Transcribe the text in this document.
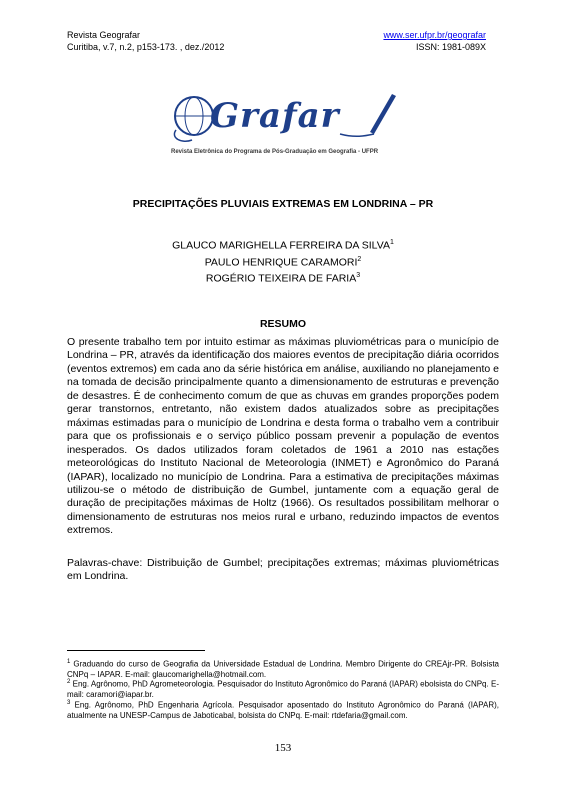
Revista Geografar
Curitiba, v.7, n.2, p153-173. , dez./2012
www.ser.ufpr.br/geografar
ISSN: 1981-089X
Grafar
Revista Eletrônica do Programa de Pós-Graduação em Geografia - UFPR
PRECIPITAÇÕES PLUVIAIS EXTREMAS EM LONDRINA – PR
GLAUCO MARIGHELLA FERREIRA DA SILVA$^1$
PAULO HENRIQUE CARAMORI$^2$
ROGÉRIO TEIXEIRA DE FARIA$^3$
RESUMO

O presente trabalho tem por intuito estimar as máximas pluviométricas para o município de Londrina – PR, através da identificação dos maiores eventos de precipitação diária ocorridos (eventos extremos) em cada ano da série histórica em análise, auxiliando no planejamento e na tomada de decisão principalmente quanto a dimensionamento de estruturas e prevenção de desastres. É de conhecimento comum de que as chuvas em grandes proporções podem gerar transtornos, entretanto, não existem dados atualizados sobre as precipitações máximas estimadas para o município de Londrina e desta forma o trabalho vem a contribuir para que os profissionais e o serviço público possam prevenir a população de eventos inesperados. Os dados utilizados foram coletados de 1961 a 2010 nas estações meteorológicas do Instituto Nacional de Meteorologia (INMET) e Agronômico do Paraná (IAPAR), localizado no município de Londrina. Para a estimativa de precipitações máximas utilizou-se o método de distribuição de Gumbel, juntamente com a equação geral de duração de precipitações máximas de Holtz (1966). Os resultados possibilitam melhorar o dimensionamento de estruturas nos meios rural e urbano, reduzindo impactos de eventos extremos.

Palavras-chave: Distribuição de Gumbel; precipitações extremas; máximas pluviométricas em Londrina.

$^1$ Graduando do curso de Geografia da Universidade Estadual de Londrina. Membro Dirigente do CREAjr-PR. Bolsista CNPq – IAPAR. E-mail: glaucomarighella@hotmail.com.

$^2$ Eng. Agrônomo, PhD Agrometeorologia. Pesquisador do Instituto Agronômico do Paraná (IAPAR) ebolsista do CNPq. E-mail: caramori@iapar.br.

$^3$ Eng. Agrônomo, PhD Engenharia Agrícola. Pesquisador aposentado do Instituto Agronômico do Paraná (IAPAR), atualmente na UNESP-Campus de Jaboticabal, bolsista do CNPq. E-mail: rtdefaria@gmail.com.

153
